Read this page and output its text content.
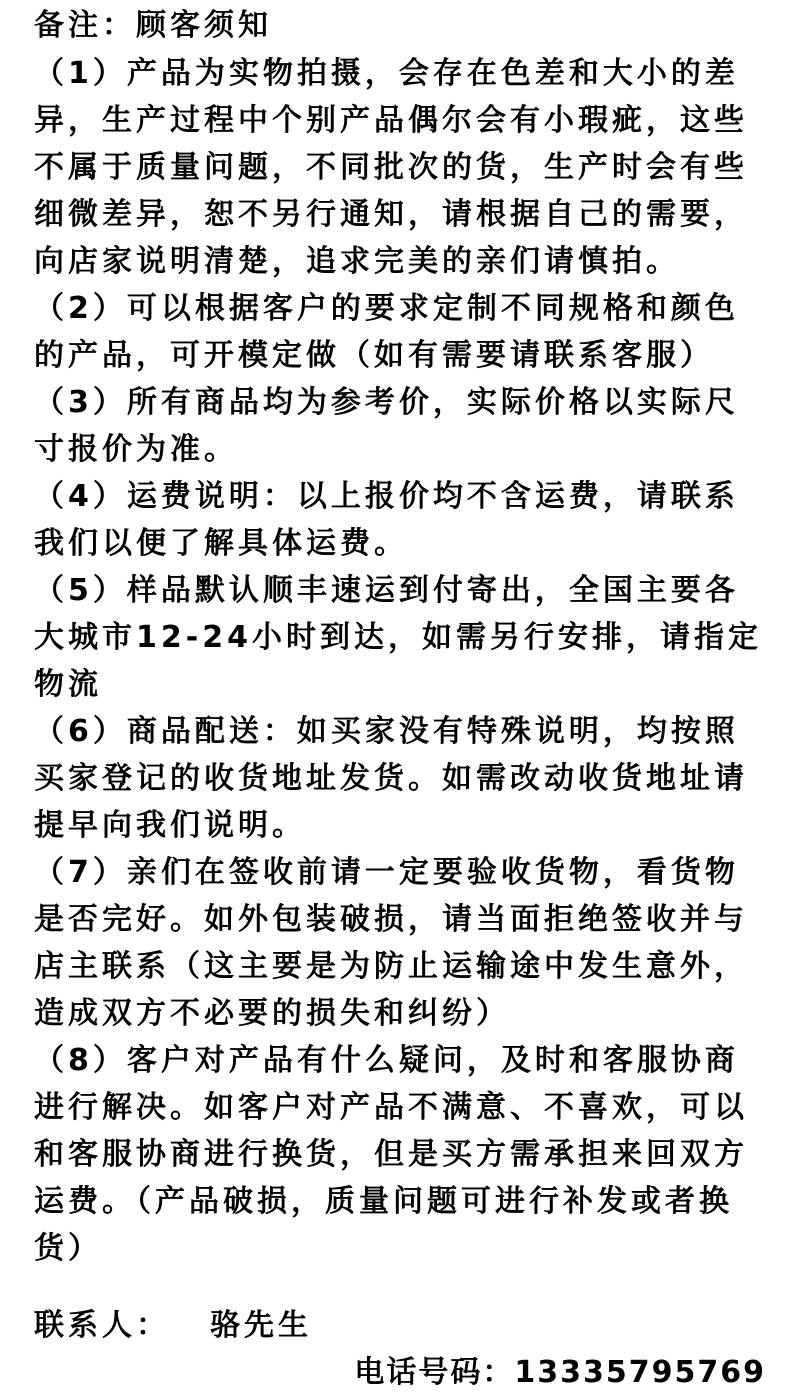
备注：顾客须知
（1）产品为实物拍摄，会存在色差和大小的差
异，生产过程中个别产品偶尔会有小瑕疵，这些
不属于质量问题，不同批次的货，生产时会有些
细微差异，恕不另行通知，请根据自己的需要，
向店家说明清楚，追求完美的亲们请慎拍。
（2）可以根据客户的要求定制不同规格和颜色
的产品，可开模定做（如有需要请联系客服）
（3）所有商品均为参考价，实际价格以实际尺
寸报价为准。
（4）运费说明：以上报价均不含运费，请联系
我们以便了解具体运费。
（5）样品默认顺丰速运到付寄出，全国主要各
大城市12-24小时到达，如需另行安排，请指定
物流
（6）商品配送：如买家没有特殊说明，均按照
买家登记的收货地址发货。如需改动收货地址请
提早向我们说明。
（7）亲们在签收前请一定要验收货物，看货物
是否完好。如外包装破损，请当面拒绝签收并与
店主联系（这主要是为防止运输途中发生意外，
造成双方不必要的损失和纠纷）
（8）客户对产品有什么疑问，及时和客服协商
进行解决。如客户对产品不满意、不喜欢，可以
和客服协商进行换货，但是买方需承担来回双方
运费。（产品破损，质量问题可进行补发或者换
货）
联系人： 骆先生
电话号码：13335795769
